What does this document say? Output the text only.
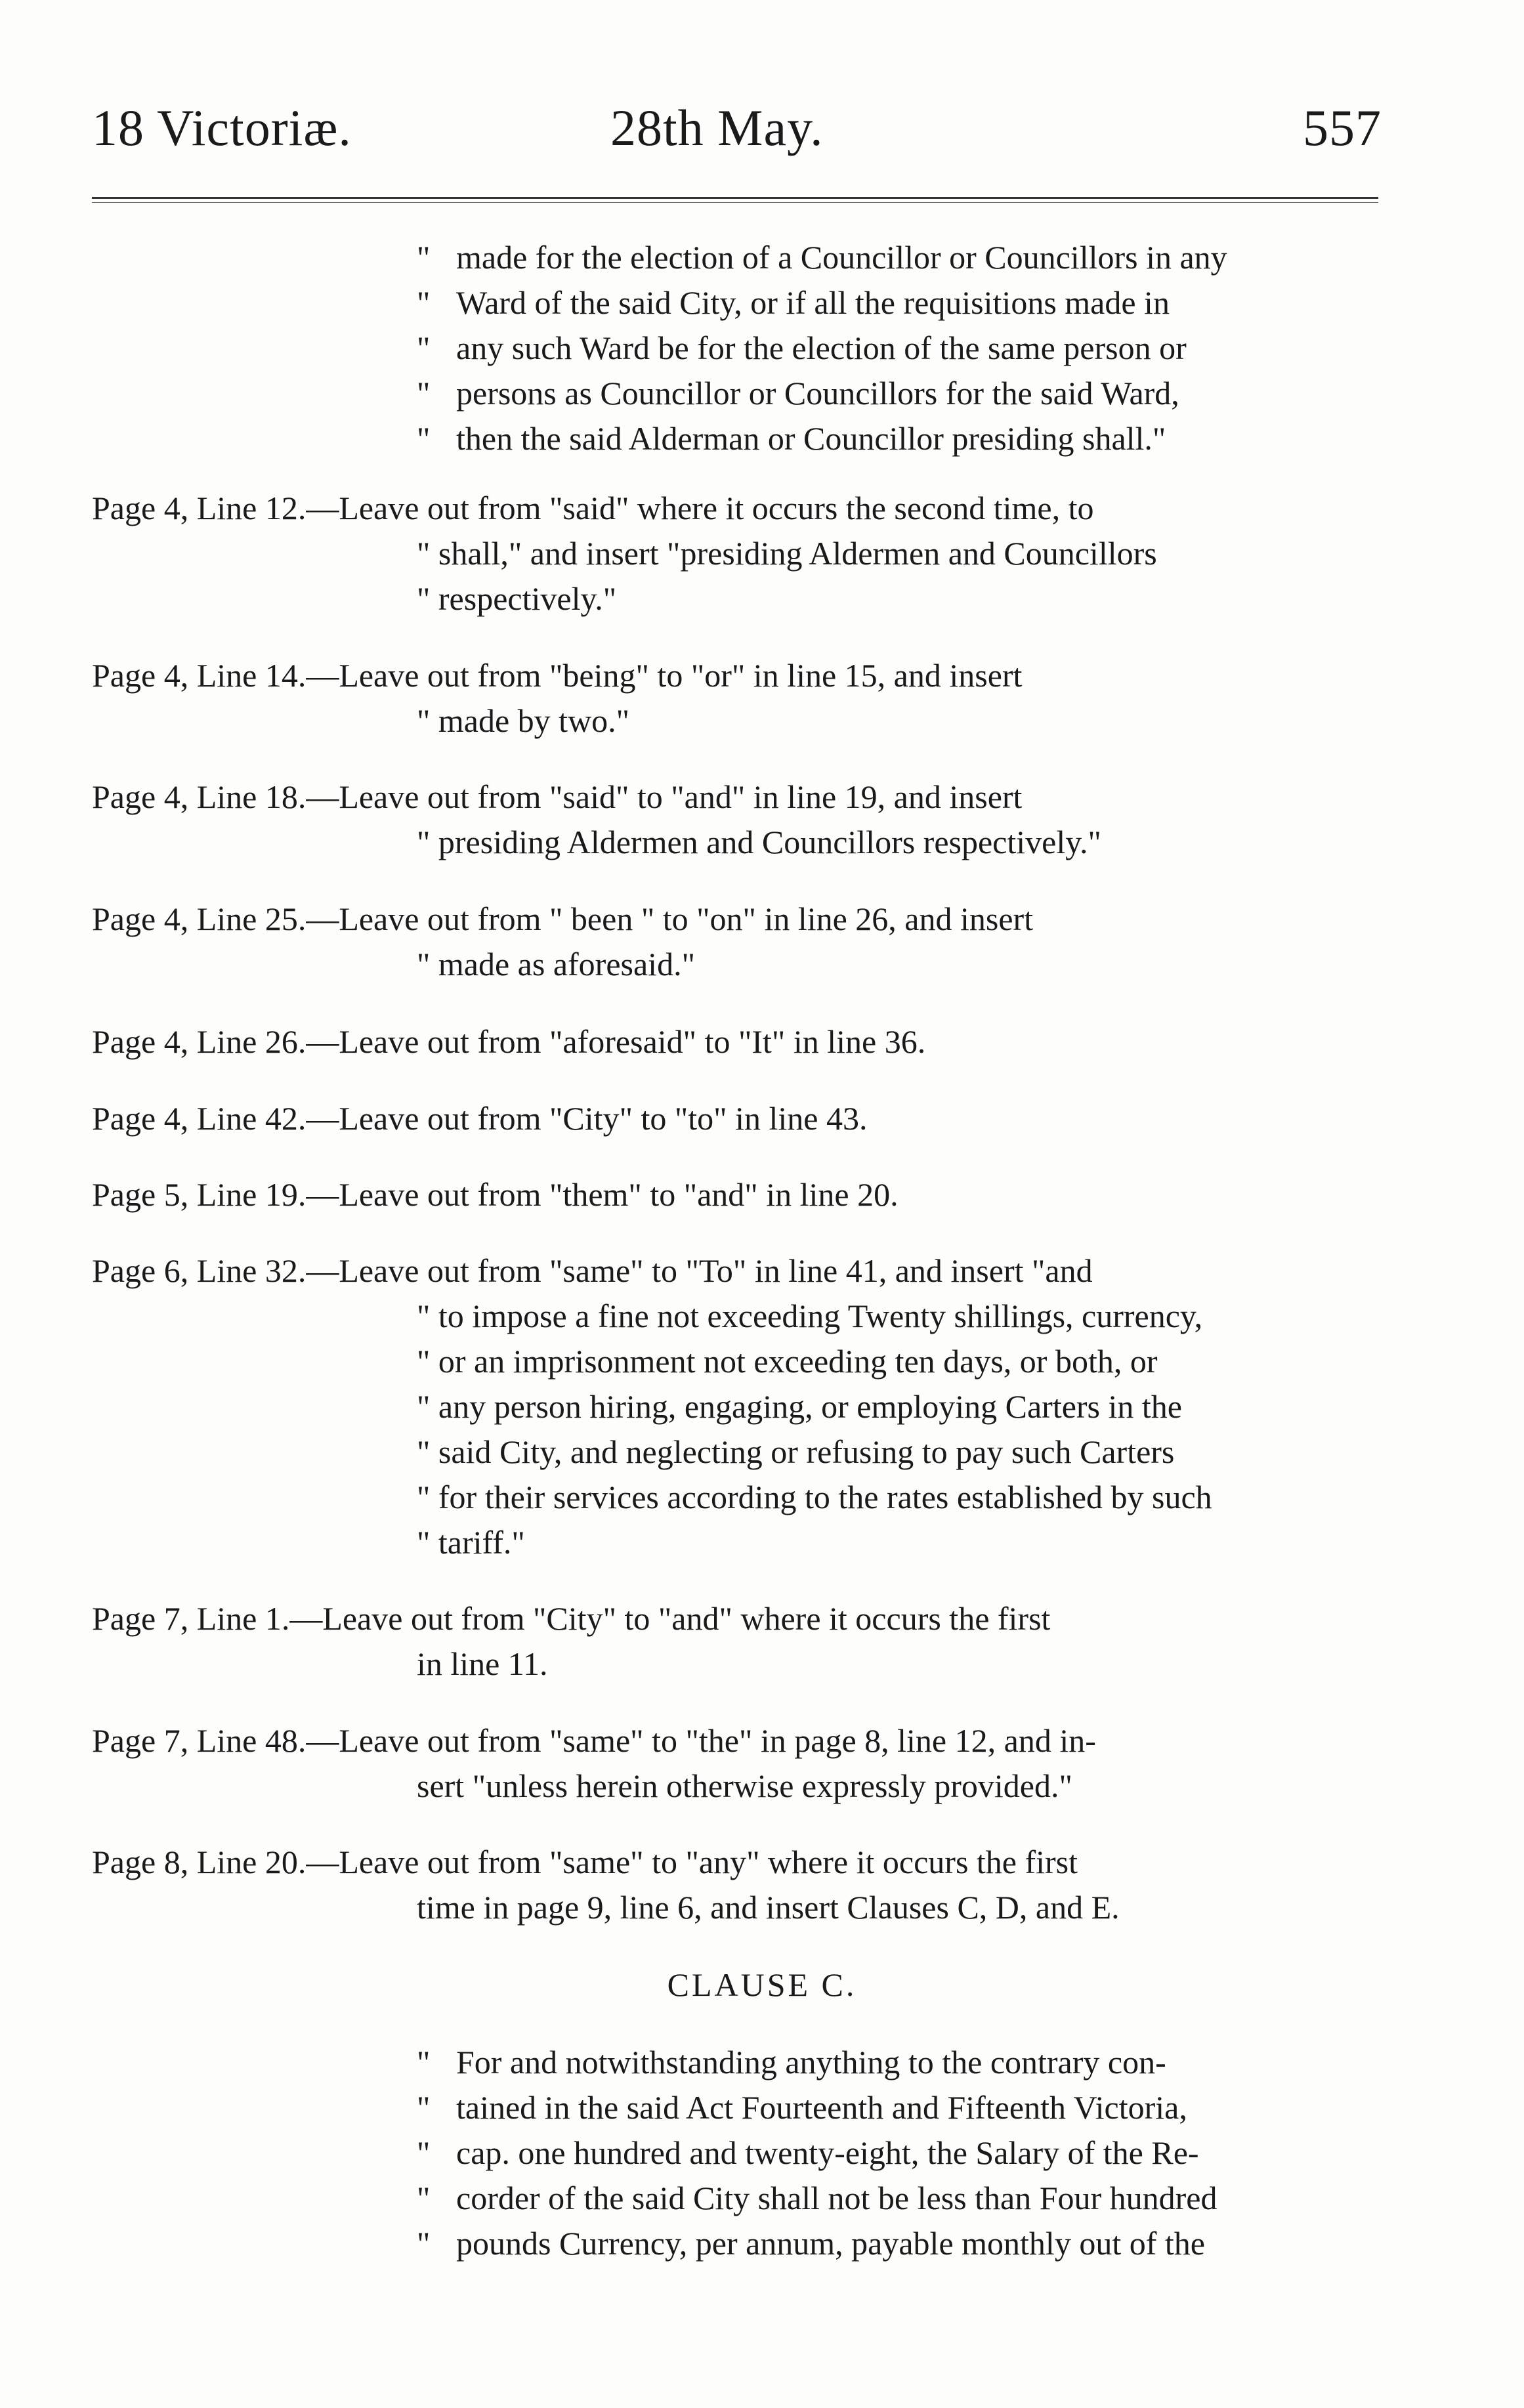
18 Victoriæ.	28th May.	557
" made for the election of a Councillor or Councillors in any
" Ward of the said City, or if all the requisitions made in
" any such Ward be for the election of the same person or
" persons as Councillor or Councillors for the said Ward,
" then the said Alderman or Councillor presiding shall."
Page 4, Line 12.—Leave out from "said" where it occurs the second time, to
" shall," and insert "presiding Aldermen and Councillors
" respectively."
Page 4, Line 14.—Leave out from "being" to "or" in line 15, and insert
" made by two."
Page 4, Line 18.—Leave out from "said" to "and" in line 19, and insert
" presiding Aldermen and Councillors respectively."
Page 4, Line 25.—Leave out from " been " to "on" in line 26, and insert
" made as aforesaid."
Page 4, Line 26.—Leave out from "aforesaid" to "It" in line 36.
Page 4, Line 42.—Leave out from "City" to "to" in line 43.
Page 5, Line 19.—Leave out from "them" to "and" in line 20.
Page 6, Line 32.—Leave out from "same" to "To" in line 41, and insert "and
" to impose a fine not exceeding Twenty shillings, currency,
" or an imprisonment not exceeding ten days, or both, or
" any person hiring, engaging, or employing Carters in the
" said City, and neglecting or refusing to pay such Carters
" for their services according to the rates established by such
" tariff."
Page 7, Line 1.—Leave out from "City" to "and" where it occurs the first
in line 11.
Page 7, Line 48.—Leave out from "same" to "the" in page 8, line 12, and in-
sert "unless herein otherwise expressly provided."
Page 8, Line 20.—Leave out from "same" to "any" where it occurs the first
time in page 9, line 6, and insert Clauses C, D, and E.
CLAUSE C.
" For and notwithstanding anything to the contrary con-
" tained in the said Act Fourteenth and Fifteenth Victoria,
" cap. one hundred and twenty-eight, the Salary of the Re-
" corder of the said City shall not be less than Four hundred
" pounds Currency, per annum, payable monthly out of the
